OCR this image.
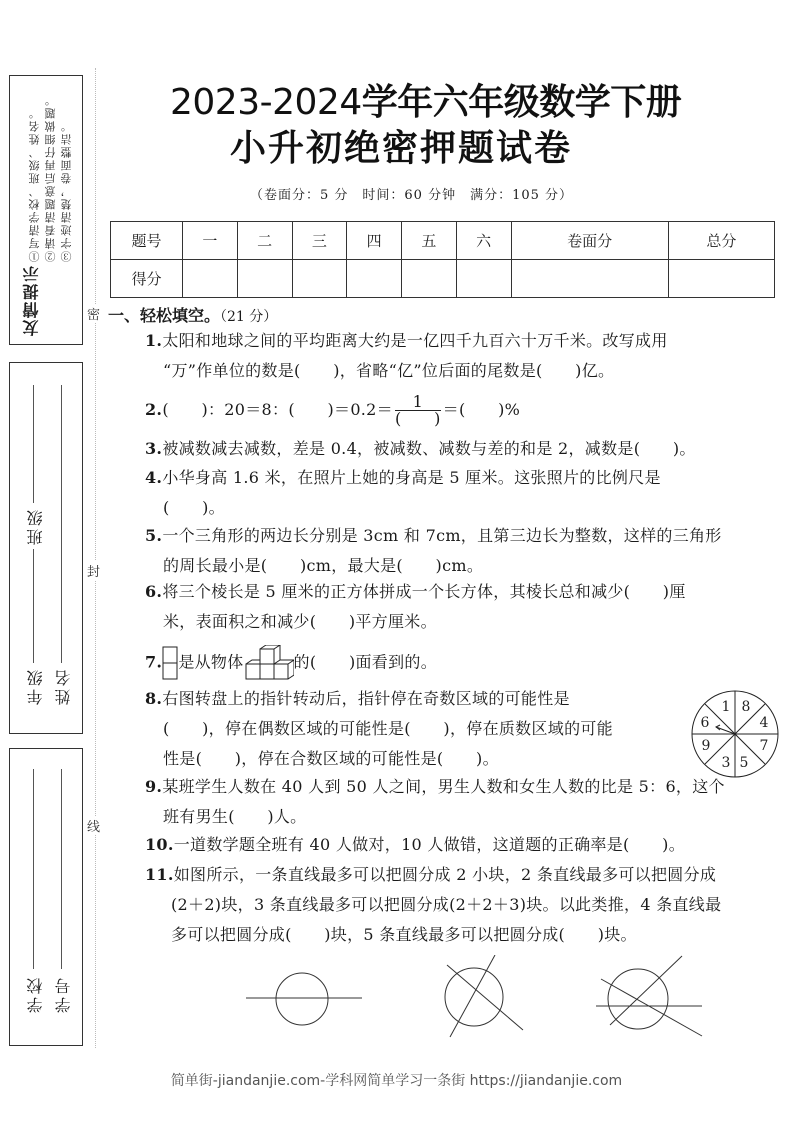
友情提示
①写清学校、班级、姓名。 ②请看清题意后再仔细做题。 ③字迹清楚，卷面整洁。
班级
年级 姓名
学校 学号
密
封
线
2023-2024学年六年级数学下册
小升初绝密押题试卷
（卷面分：5 分　时间：60 分钟　满分：105 分）
题号	一	二	三	四	五	六	卷面分	总分
得分								
一、轻松填空。（21 分）
1.太阳和地球之间的平均距离大约是一亿四千九百六十万千米。改写成用
“万”作单位的数是(　　)，省略“亿”位后面的尾数是(　　)亿。
2.(　　)：20＝8：(　　)$=0.2= \frac{1}{( )}$ ＝(　　)%
3.被减数减去减数，差是 0.4，被减数、减数与差的和是 2，减数是(　　)。
4.小华身高 1.6 米，在照片上她的身高是 5 厘米。这张照片的比例尺是
(　　)。
5.一个三角形的两边长分别是 3cm 和 7cm，且第三边长为整数，这样的三角形
的周长最小是(　　)cm，最大是(　　)cm。
6.将三个棱长是 5 厘米的正方体拼成一个长方体，其棱长总和减少(　　)厘
米，表面积之和减少(　　)平方厘米。
7. 是从物体	的(　　)面看到的。
8.右图转盘上的指针转动后，指针停在奇数区域的可能性是
(　　)，停在偶数区域的可能性是(　　)，停在质数区域的可能
性是(　　)，停在合数区域的可能性是(　　)。
1 8
4
7
5
3
9
6
9.某班学生人数在 40 人到 50 人之间，男生人数和女生人数的比是 5：6，这个
班有男生(　　)人。
10.一道数学题全班有 40 人做对，10 人做错，这道题的正确率是(　　)。
11.如图所示，一条直线最多可以把圆分成 2 小块，2 条直线最多可以把圆分成
(2＋2)块，3 条直线最多可以把圆分成(2＋2＋3)块。以此类推，4 条直线最
多可以把圆分成(　　)块，5 条直线最多可以把圆分成(　　)块。
简单街-jiandanjie.com-学科网简单学习一条街 https://jiandanjie.com
